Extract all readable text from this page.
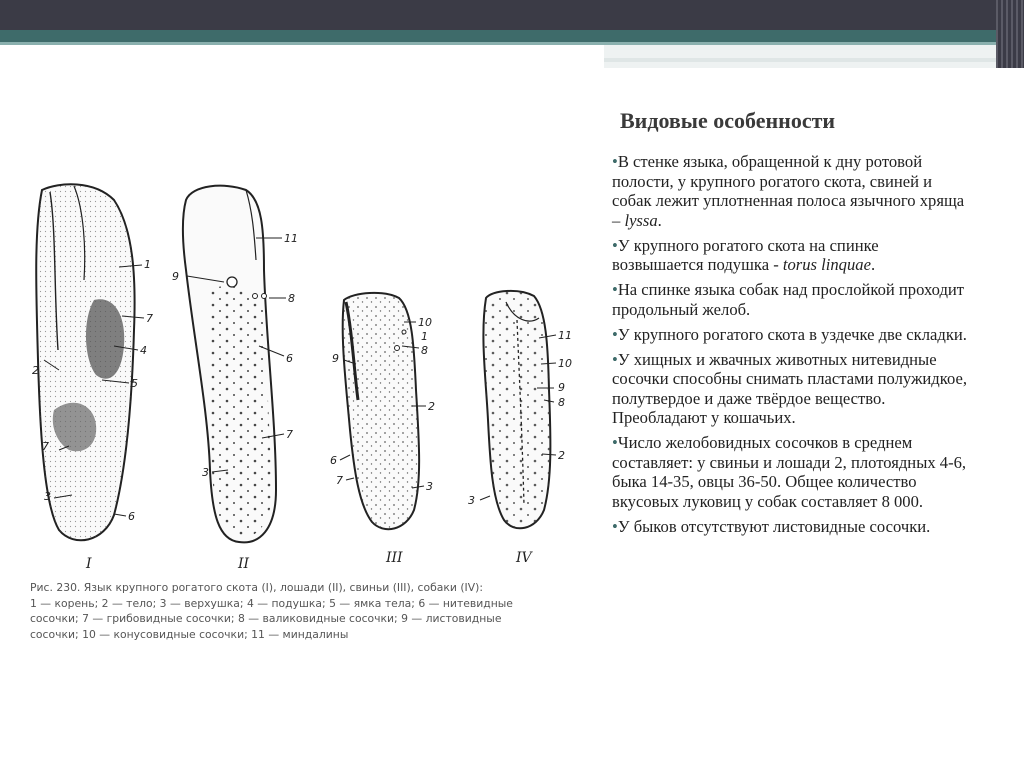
Видовые особенности
•В стенке языка, обращенной к дну ротовой полости, у крупного рогатого скота, свиней и собак лежит уплотненная полоса язычного хряща – lyssa.
•У крупного рогатого скота на спинке возвышается подушка - torus linquae.
•На спинке языка собак над прослойкой проходит продольный желоб.
•У крупного рогатого скота в уздечке две складки.
•У хищных и жвачных животных нитевидные сосочки способны снимать пластами полужидкое, полутвердое и даже твёрдое вещество. Преобладают у кошачьих.
•Число желобовидных сосочков в среднем составляет: у свиньи и лошади 2, плотоядных 4-6, быка 14-35, овцы 36-50. Общее количество вкусовых луковиц у собак составляет 8 000.
•У быков отсутствуют листовидные сосочки.
1
7
4
5
2
7
3
6
11
9
8
6
7
3
10
1
8
9
2
6
7	3
11
10
9
8
2
3
I	II	III	IV
Рис. 230. Язык крупного рогатого скота (I), лошади (II), свиньи (III), собаки (IV):
1 — корень; 2 — тело; 3 — верхушка; 4 — подушка; 5 — ямка тела; 6 — нитевидные
сосочки; 7 — грибовидные сосочки; 8 — валиковидные сосочки; 9 — листовидные
сосочки; 10 — конусовидные сосочки; 11 — миндалины
